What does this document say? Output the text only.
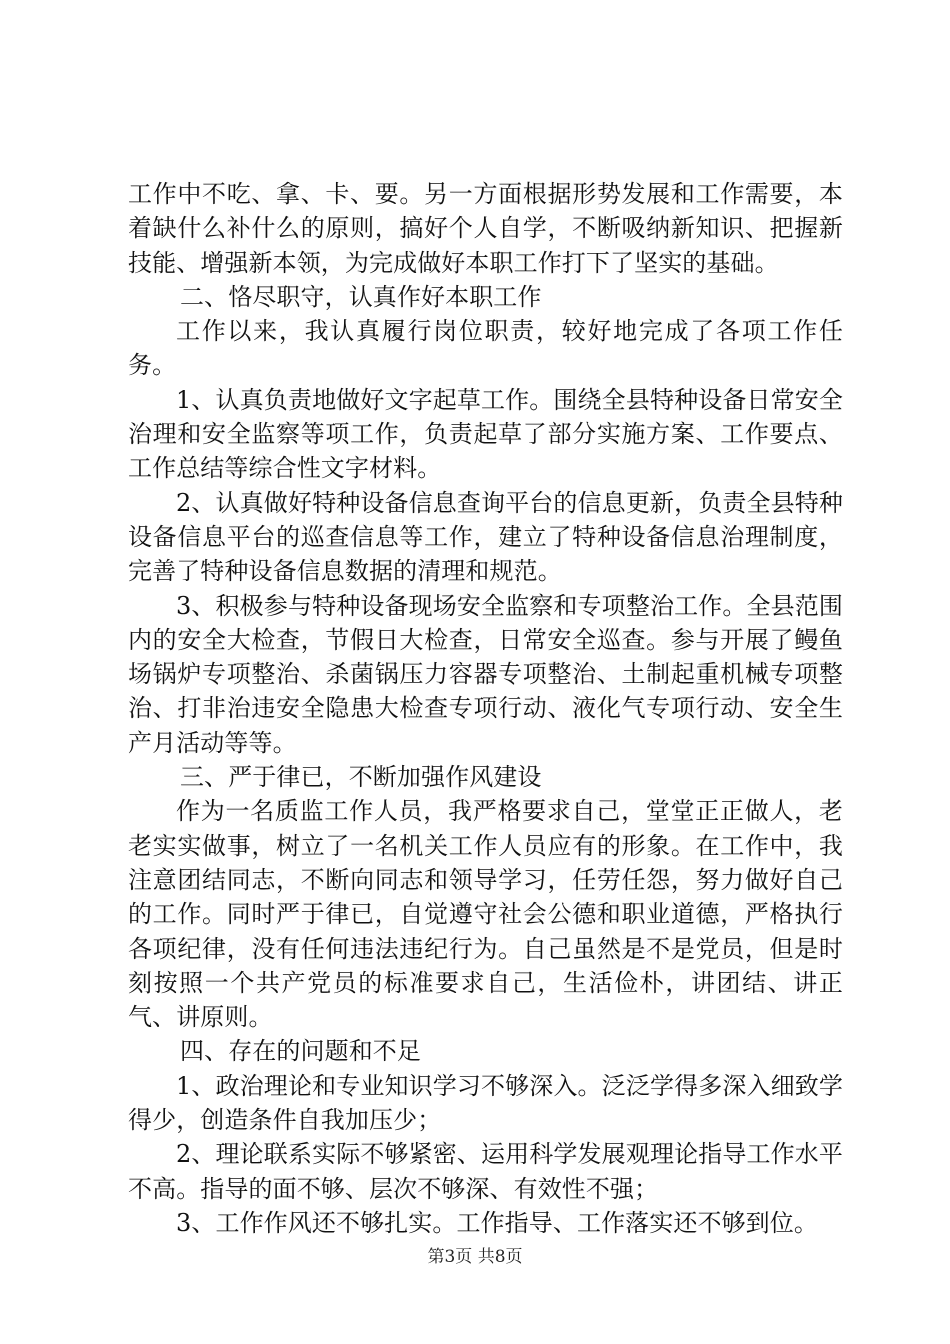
工作中不吃、拿、卡、要。另一方面根据形势发展和工作需要，本着缺什么补什么的原则，搞好个人自学，不断吸纳新知识、把握新技能、增强新本领，为完成做好本职工作打下了坚实的基础。

二、恪尽职守，认真作好本职工作

工作以来，我认真履行岗位职责，较好地完成了各项工作任务。

1、认真负责地做好文字起草工作。围绕全县特种设备日常安全治理和安全监察等项工作，负责起草了部分实施方案、工作要点、工作总结等综合性文字材料。

2、认真做好特种设备信息查询平台的信息更新，负责全县特种设备信息平台的巡查信息等工作，建立了特种设备信息治理制度，完善了特种设备信息数据的清理和规范。

3、积极参与特种设备现场安全监察和专项整治工作。全县范围内的安全大检查，节假日大检查，日常安全巡查。参与开展了鳗鱼场锅炉专项整治、杀菌锅压力容器专项整治、土制起重机械专项整治、打非治违安全隐患大检查专项行动、液化气专项行动、安全生产月活动等等。

三、严于律已，不断加强作风建设

作为一名质监工作人员，我严格要求自己，堂堂正正做人，老老实实做事，树立了一名机关工作人员应有的形象。在工作中，我注意团结同志，不断向同志和领导学习，任劳任怨，努力做好自己的工作。同时严于律已，自觉遵守社会公德和职业道德，严格执行各项纪律，没有任何违法违纪行为。自己虽然是不是党员，但是时刻按照一个共产党员的标准要求自己，生活俭朴，讲团结、讲正气、讲原则。

四、存在的问题和不足

1、政治理论和专业知识学习不够深入。泛泛学得多深入细致学得少，创造条件自我加压少；

2、理论联系实际不够紧密、运用科学发展观理论指导工作水平不高。指导的面不够、层次不够深、有效性不强；

3、工作作风还不够扎实。工作指导、工作落实还不够到位。

第3页 共8页
